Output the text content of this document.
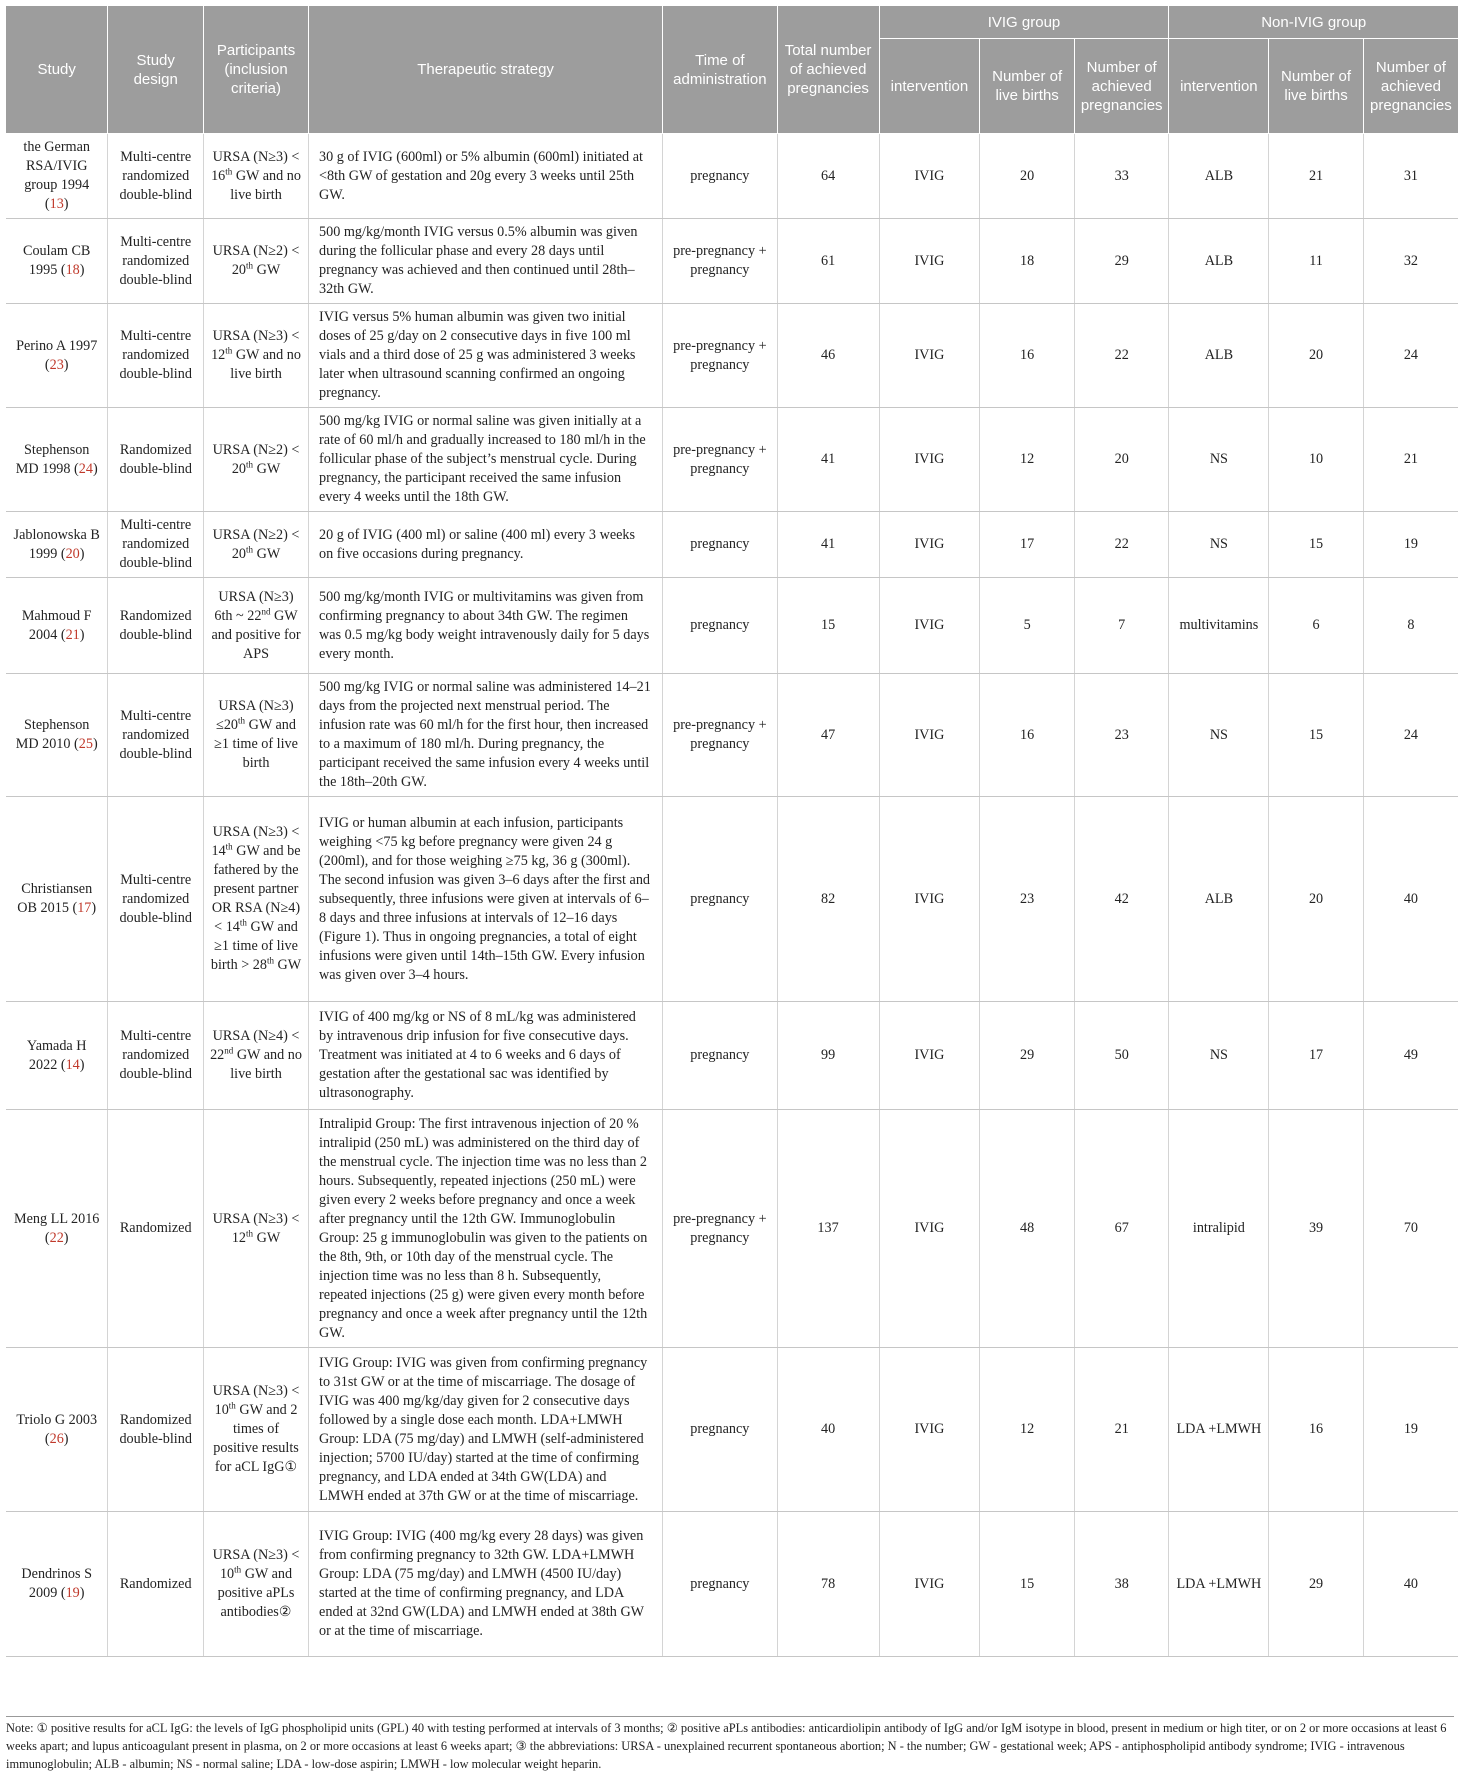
Study	Study design	Participants (inclusion criteria)	Therapeutic strategy	Time of administration	Total number of achieved pregnancies	IVIG group			Non-IVIG group		
						intervention	Number of live births	Number of achieved pregnancies	intervention	Number of live births	Number of achieved pregnancies
the German RSA/IVIG group 1994 (13)	Multi-centre randomized double-blind	URSA (N≥3) < 16th GW and no live birth	30 g of IVIG (600ml) or 5% albumin (600ml) initiated at <8th GW of gestation and 20g every 3 weeks until 25th GW.	pregnancy	64	IVIG	20	33	ALB	21	31
Coulam CB 1995 (18)	Multi-centre randomized double-blind	URSA (N≥2) < 20th GW	500 mg/kg/month IVIG versus 0.5% albumin was given during the follicular phase and every 28 days until pregnancy was achieved and then continued until 28th–32th GW.	pre-pregnancy + pregnancy	61	IVIG	18	29	ALB	11	32
Perino A 1997 (23)	Multi-centre randomized double-blind	URSA (N≥3) < 12th GW and no live birth	IVIG versus 5% human albumin was given two initial doses of 25 g/day on 2 consecutive days in five 100 ml vials and a third dose of 25 g was administered 3 weeks later when ultrasound scanning confirmed an ongoing pregnancy.	pre-pregnancy + pregnancy	46	IVIG	16	22	ALB	20	24
Stephenson MD 1998 (24)	Randomized double-blind	URSA (N≥2) < 20th GW	500 mg/kg IVIG or normal saline was given initially at a rate of 60 ml/h and gradually increased to 180 ml/h in the follicular phase of the subject’s menstrual cycle. During pregnancy, the participant received the same infusion every 4 weeks until the 18th GW.	pre-pregnancy + pregnancy	41	IVIG	12	20	NS	10	21
Jablonowska B 1999 (20)	Multi-centre randomized double-blind	URSA (N≥2) < 20th GW	20 g of IVIG (400 ml) or saline (400 ml) every 3 weeks on five occasions during pregnancy.	pregnancy	41	IVIG	17	22	NS	15	19
Mahmoud F 2004 (21)	Randomized double-blind	URSA (N≥3) 6th ~ 22nd GW and positive for APS	500 mg/kg/month IVIG or multivitamins was given from confirming pregnancy to about 34th GW. The regimen was 0.5 mg/kg body weight intravenously daily for 5 days every month.	pregnancy	15	IVIG	5	7	multivitamins	6	8
Stephenson MD 2010 (25)	Multi-centre randomized double-blind	URSA (N≥3) ≤20th GW and ≥1 time of live birth	500 mg/kg IVIG or normal saline was administered 14–21 days from the projected next menstrual period. The infusion rate was 60 ml/h for the first hour, then increased to a maximum of 180 ml/h. During pregnancy, the participant received the same infusion every 4 weeks until the 18th–20th GW.	pre-pregnancy + pregnancy	47	IVIG	16	23	NS	15	24
Christiansen OB 2015 (17)	Multi-centre randomized double-blind	URSA (N≥3) < 14th GW and be fathered by the present partner OR RSA (N≥4) < 14th GW and ≥1 time of live birth > 28th GW	IVIG or human albumin at each infusion, participants weighing <75 kg before pregnancy were given 24 g (200ml), and for those weighing ≥75 kg, 36 g (300ml). The second infusion was given 3–6 days after the first and subsequently, three infusions were given at intervals of 6–8 days and three infusions at intervals of 12–16 days (Figure 1). Thus in ongoing pregnancies, a total of eight infusions were given until 14th–15th GW. Every infusion was given over 3–4 hours.	pregnancy	82	IVIG	23	42	ALB	20	40
Yamada H 2022 (14)	Multi-centre randomized double-blind	URSA (N≥4) < 22nd GW and no live birth	IVIG of 400 mg/kg or NS of 8 mL/kg was administered by intravenous drip infusion for five consecutive days. Treatment was initiated at 4 to 6 weeks and 6 days of gestation after the gestational sac was identified by ultrasonography.	pregnancy	99	IVIG	29	50	NS	17	49
Meng LL 2016 (22)	Randomized	URSA (N≥3) < 12th GW	Intralipid Group: The first intravenous injection of 20 % intralipid (250 mL) was administered on the third day of the menstrual cycle. The injection time was no less than 2 hours. Subsequently, repeated injections (250 mL) were given every 2 weeks before pregnancy and once a week after pregnancy until the 12th GW. Immunoglobulin Group: 25 g immunoglobulin was given to the patients on the 8th, 9th, or 10th day of the menstrual cycle. The injection time was no less than 8 h. Subsequently, repeated injections (25 g) were given every month before pregnancy and once a week after pregnancy until the 12th GW.	pre-pregnancy + pregnancy	137	IVIG	48	67	intralipid	39	70
Triolo G 2003 (26)	Randomized double-blind	URSA (N≥3) < 10th GW and 2 times of positive results for aCL IgG①	IVIG Group: IVIG was given from confirming pregnancy to 31st GW or at the time of miscarriage. The dosage of IVIG was 400 mg/kg/day given for 2 consecutive days followed by a single dose each month. LDA+LMWH Group: LDA (75 mg/day) and LMWH (self-administered injection; 5700 IU/day) started at the time of confirming pregnancy, and LDA ended at 34th GW(LDA) and LMWH ended at 37th GW or at the time of miscarriage.	pregnancy	40	IVIG	12	21	LDA +LMWH	16	19
Dendrinos S 2009 (19)	Randomized	URSA (N≥3) < 10th GW and positive aPLs antibodies②	IVIG Group: IVIG (400 mg/kg every 28 days) was given from confirming pregnancy to 32th GW. LDA+LMWH Group: LDA (75 mg/day) and LMWH (4500 IU/day) started at the time of confirming pregnancy, and LDA ended at 32nd GW(LDA) and LMWH ended at 38th GW or at the time of miscarriage.	pregnancy	78	IVIG	15	38	LDA +LMWH	29	40
Note: ① positive results for aCL IgG: the levels of IgG phospholipid units (GPL) 40 with testing performed at intervals of 3 months; ② positive aPLs antibodies: anticardiolipin antibody of IgG and/or IgM isotype in blood, present in medium or high titer, or on 2 or more occasions at least 6 weeks apart; and lupus anticoagulant present in plasma, on 2 or more occasions at least 6 weeks apart; ③ the abbreviations: URSA - unexplained recurrent spontaneous abortion; N - the number; GW - gestational week; APS - antiphospholipid antibody syndrome; IVIG - intravenous immunoglobulin; ALB - albumin; NS - normal saline; LDA - low-dose aspirin; LMWH - low molecular weight heparin.
